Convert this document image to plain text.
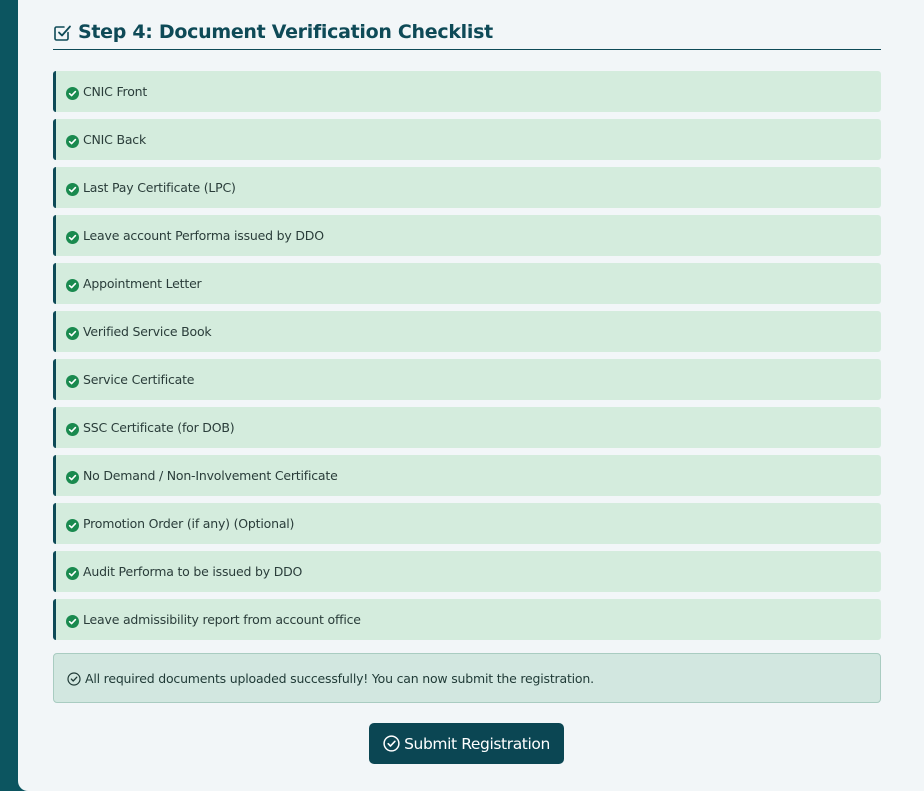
Step 4: Document Verification Checklist
CNIC Front
CNIC Back
Last Pay Certificate (LPC)
Leave account Performa issued by DDO
Appointment Letter
Verified Service Book
Service Certificate
SSC Certificate (for DOB)
No Demand / Non-Involvement Certificate
Promotion Order (if any) (Optional)
Audit Performa to be issued by DDO
Leave admissibility report from account office
All required documents uploaded successfully! You can now submit the registration.
Submit Registration
